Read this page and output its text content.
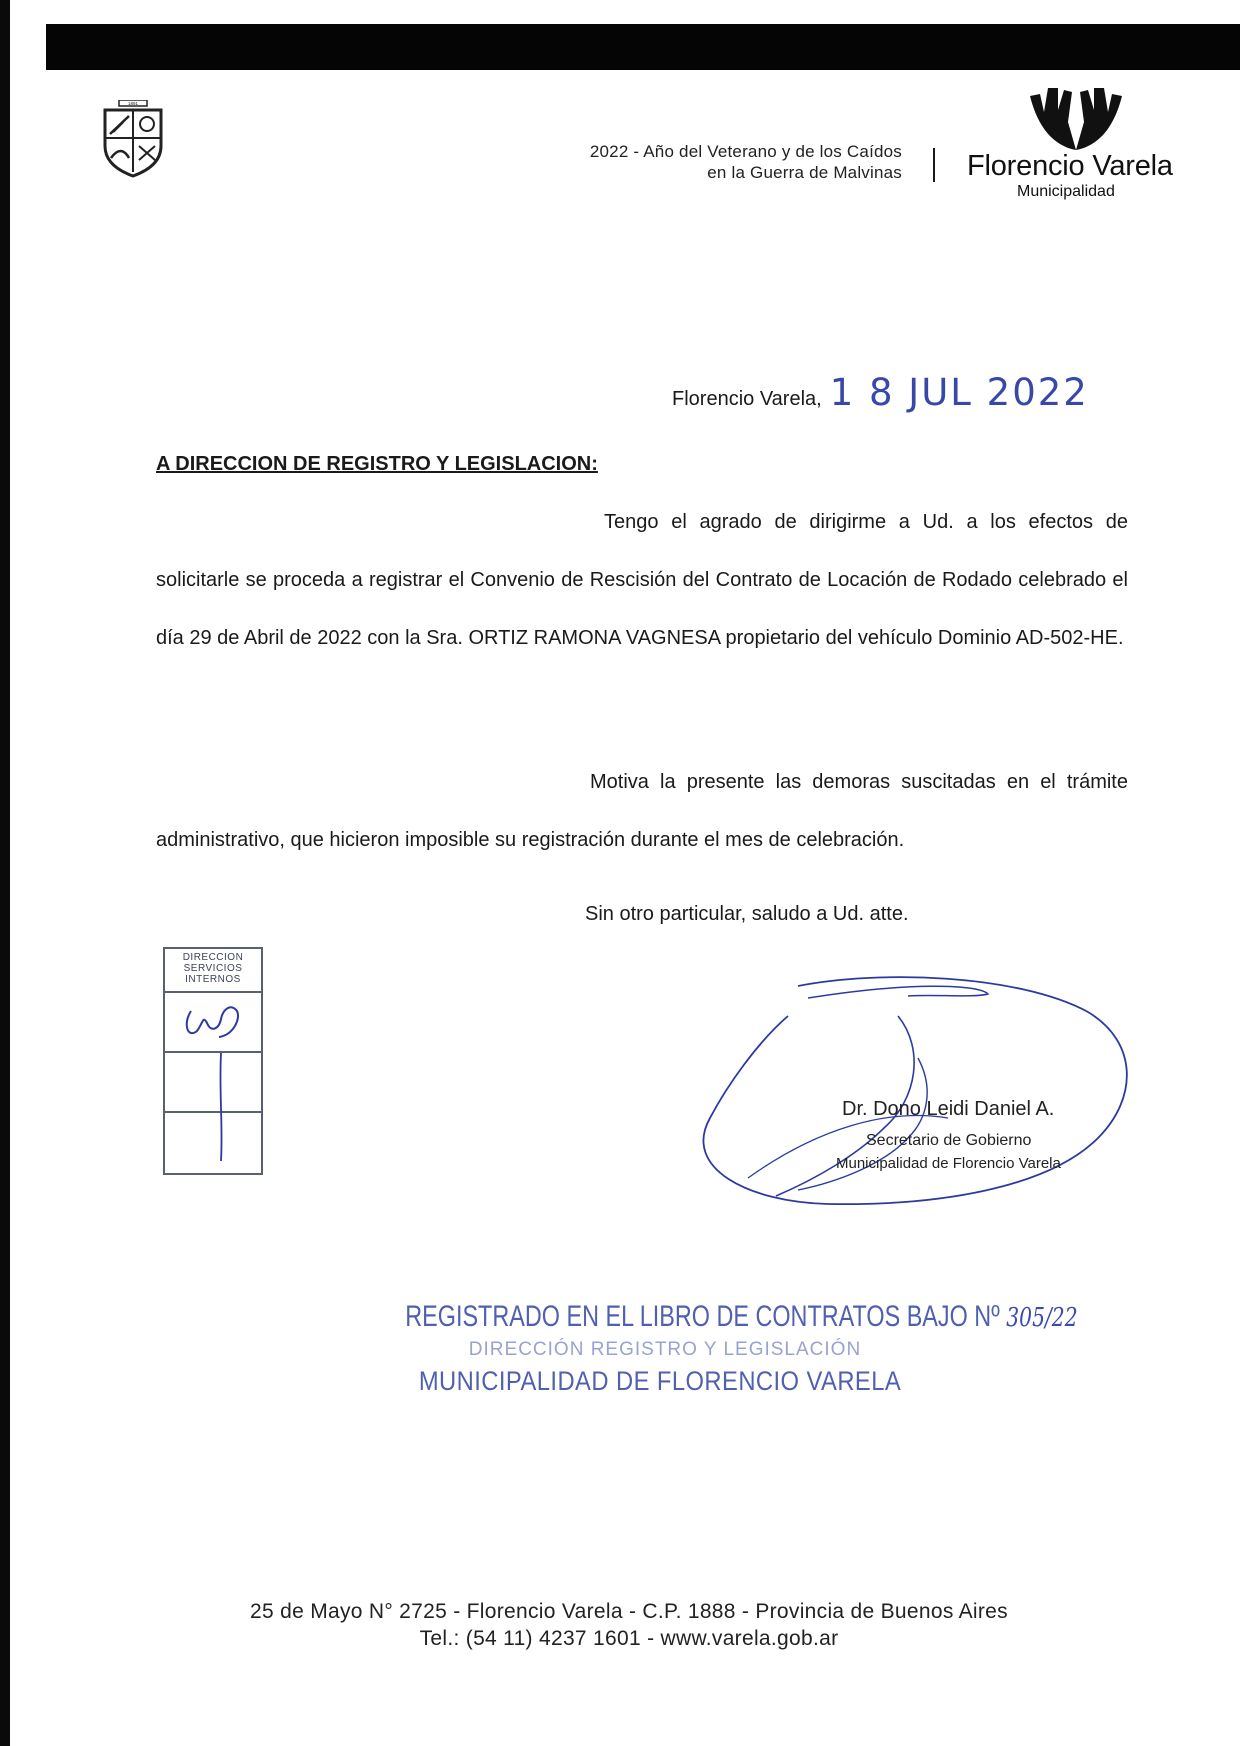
1891
2022 - Año del Veterano y de los Caídos
en la Guerra de Malvinas Florencio Varela
Municipalidad
Florencio Varela, 1 8 JUL 2022
A DIRECCION DE REGISTRO Y LEGISLACION:

Tengo el agrado de dirigirme a Ud. a los efectos de solicitarle se proceda a registrar el Convenio de Rescisión del Contrato de Locación de Rodado celebrado el día 29 de Abril de 2022 con la Sra. ORTIZ RAMONA VAGNESA propietario del vehículo Dominio AD-502-HE.

Motiva la presente las demoras suscitadas en el trámite administrativo, que hicieron imposible su registración durante el mes de celebración.

Sin otro particular, saludo a Ud. atte.
DIRECCION
SERVICIOS
INTERNOS
Dr. Dono Leidi Daniel A.
Secretario de Gobierno
Municipalidad de Florencio Varela
REGISTRADO EN EL LIBRO DE CONTRATOS BAJO Nº 305/22
DIRECCIÓN REGISTRO Y LEGISLACIÓN
MUNICIPALIDAD DE FLORENCIO VARELA
25 de Mayo N° 2725 - Florencio Varela - C.P. 1888 - Provincia de Buenos Aires
Tel.: (54 11) 4237 1601 - www.varela.gob.ar
